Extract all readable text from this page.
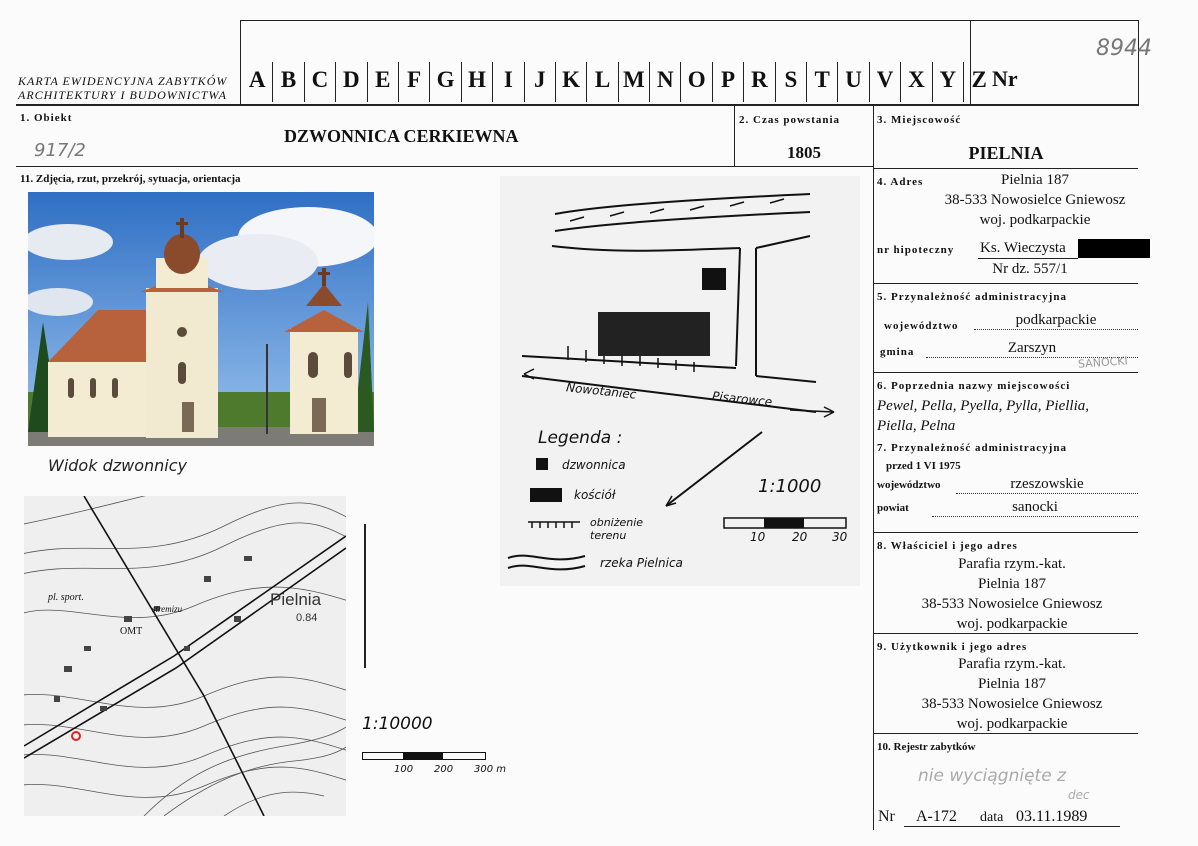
KARTA EWIDENCYJNA ZABYTKÓW
ARCHITEKTURY I BUDOWNICTWA
A B C D E F G H I J K L M N O P R S T U V X Y Z Nr
8944
1. Obiekt
917/2
DZWONNICA CERKIEWNA
2. Czas powstania
1805
3. Miejscowość
PIELNIA
11. Zdjęcia, rzut, przekrój, sytuacja, orientacja
Widok dzwonnicy
Nowotaniec	Pisarowce
Legenda :
dzwonnica
kościół
obniżenie terenu
rzeka Pielnica
1:1000
10 20 30
Pielnia
0.84
pl. sport.
OMT
stremizu
1:10000
100 200 300 m
4. Adres	Pielnia 187
38-533 Nowosielce Gniewosz
woj. podkarpackie
nr hipoteczny Ks. Wieczysta
Nr dz. 557/1
5. Przynależność administracyjna
województwo	podkarpackie
gmina	Zarszyn
SANOCKI
6. Poprzednia nazwy miejscowości
Pewel, Pella, Pyella, Pylla, Piellia,
Piella, Pelna
7. Przynależność administracyjna
przed 1 VI 1975
województwo	rzeszowskie
powiat	sanocki
8. Właściciel i jego adres
Parafia rzym.-kat.
Pielnia 187
38-533 Nowosielce Gniewosz
woj. podkarpackie
9. Użytkownik i jego adres
Parafia rzym.-kat.
Pielnia 187
38-533 Nowosielce Gniewosz
woj. podkarpackie
10. Rejestr zabytków
nie wyciągnięte z
dec
Nr A-172 data 03.11.1989
